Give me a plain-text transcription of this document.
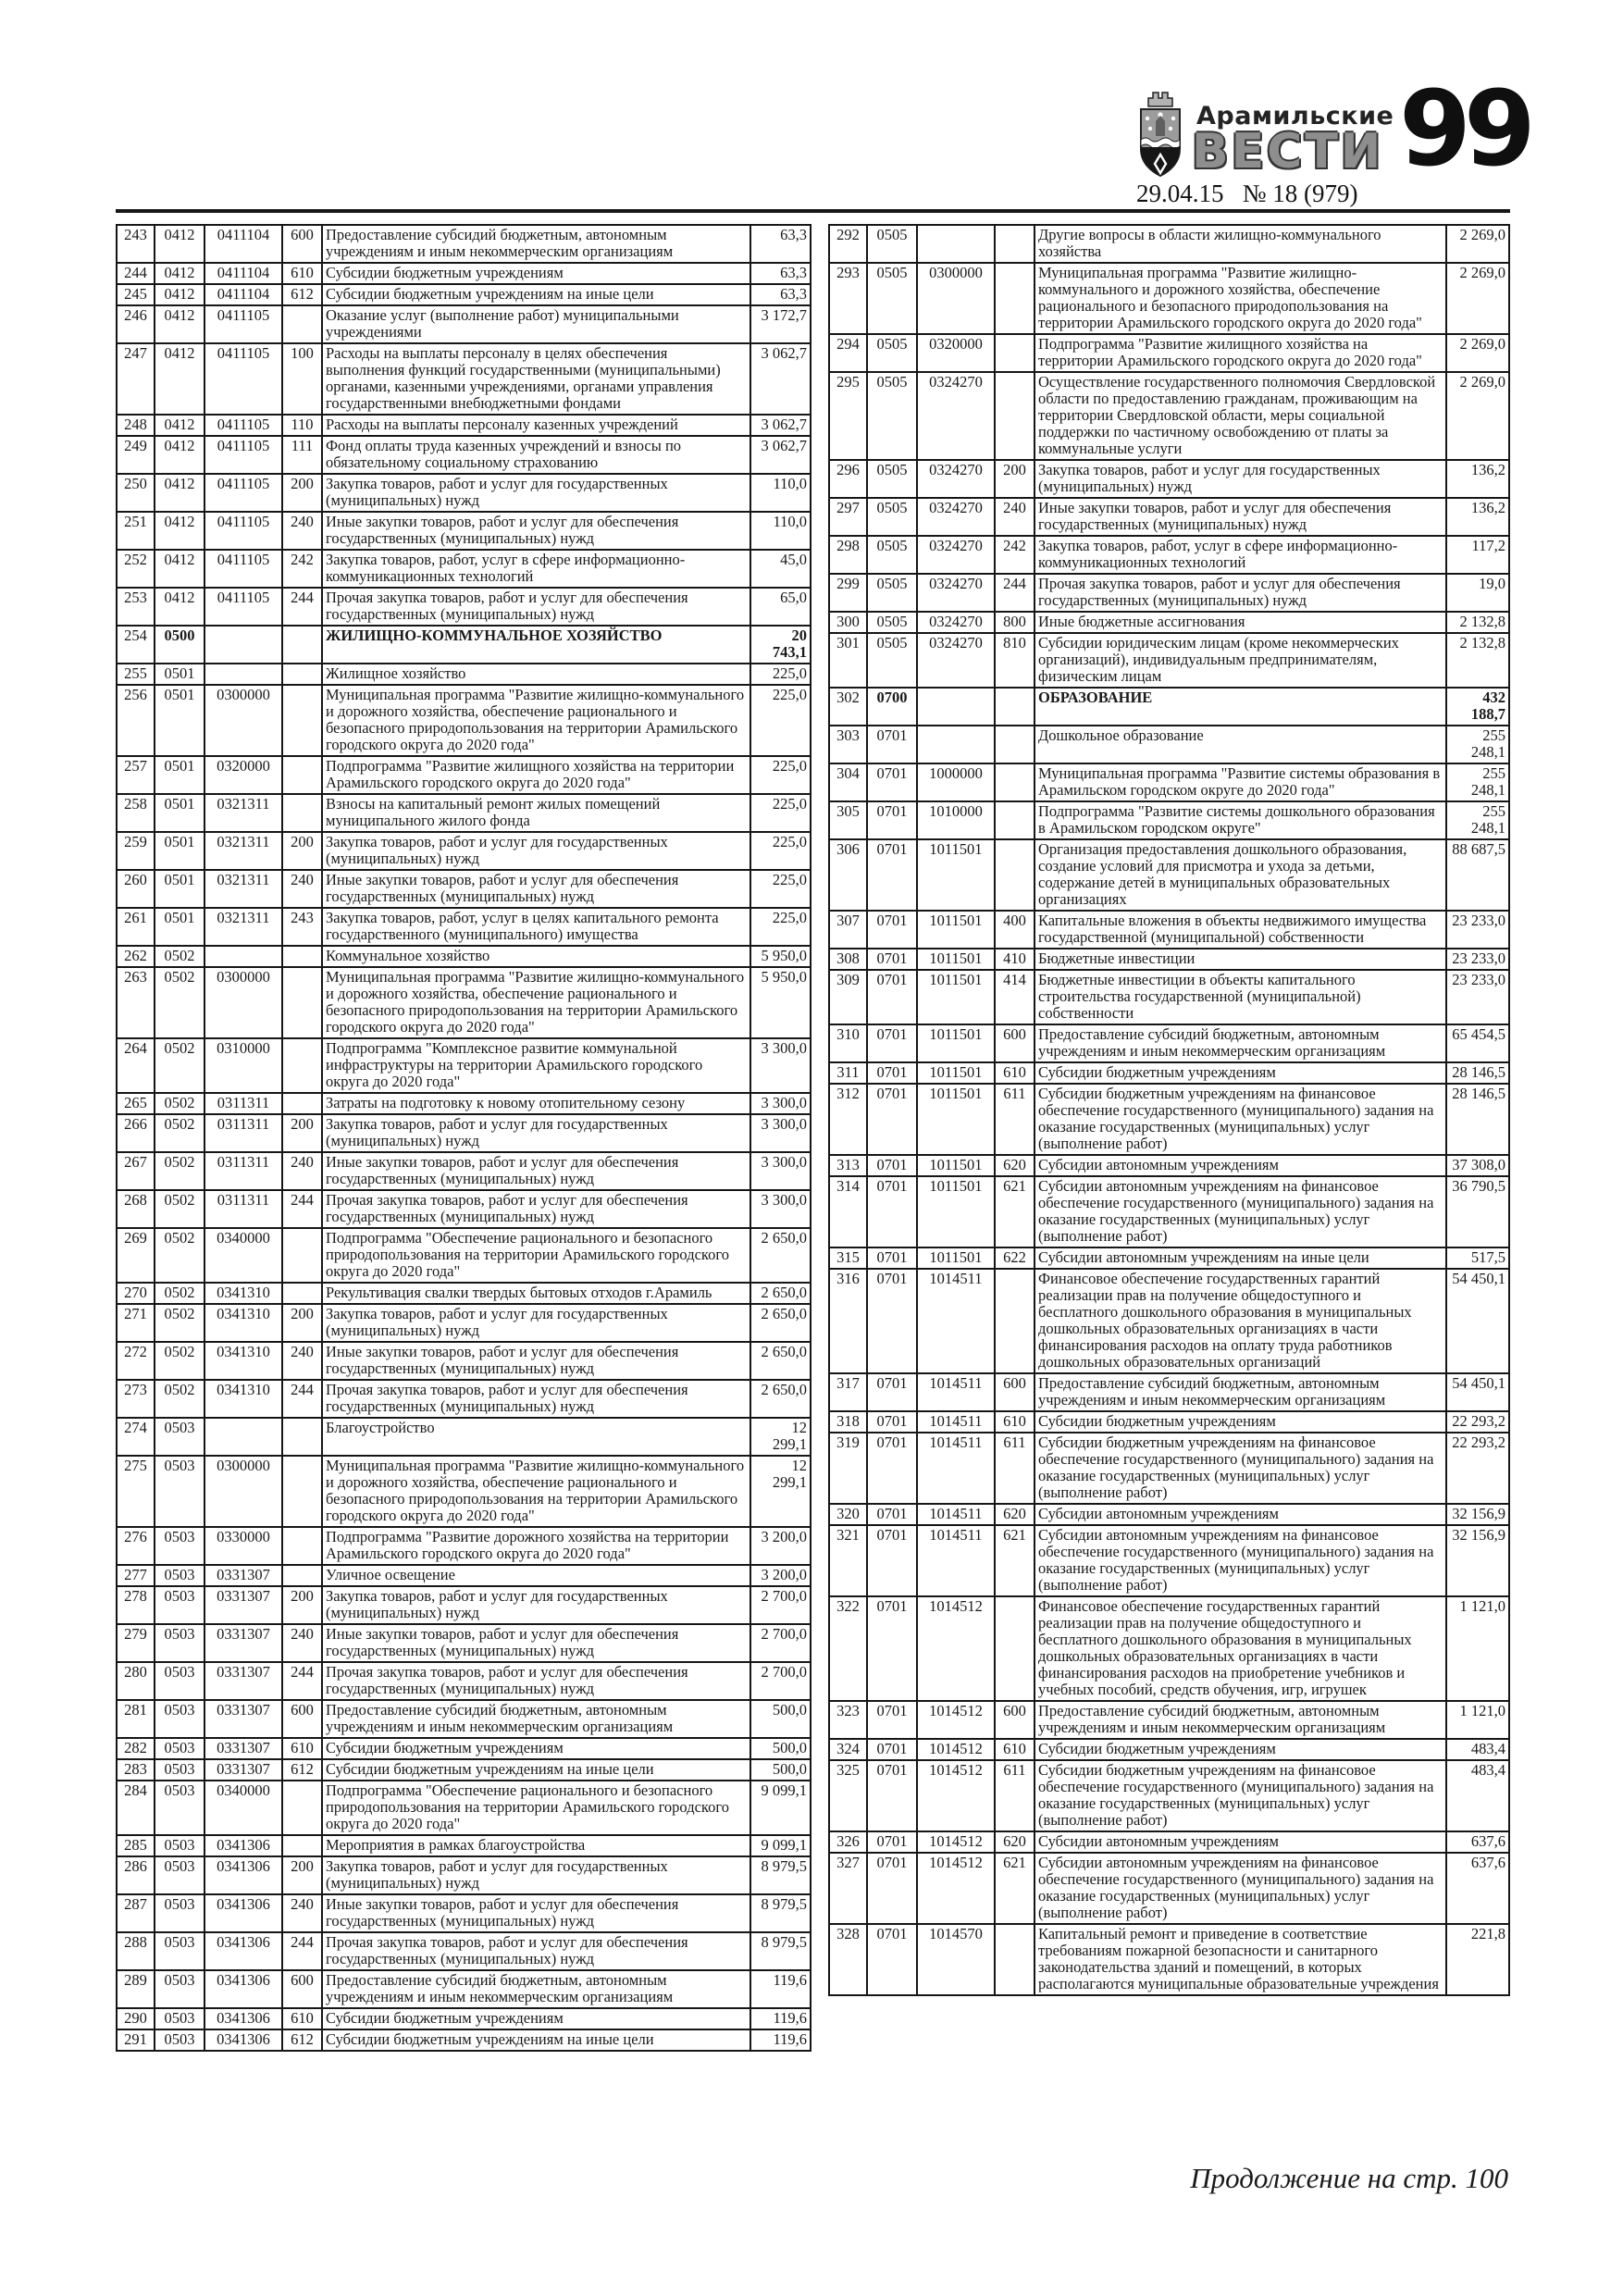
Арамильские
ВЕСТИ
29.04.15   № 18 (979)
99
243	0412	0411104	600	Предоставление субсидий бюджетным, автономным учреждениям и иным некоммерческим организациям	63,3
244	0412	0411104	610	Субсидии бюджетным учреждениям	63,3
245	0412	0411104	612	Субсидии бюджетным учреждениям на иные цели	63,3
246	0412	0411105		Оказание услуг (выполнение работ) муниципальными учреждениями	3 172,7
247	0412	0411105	100	Расходы на выплаты персоналу в целях обеспечения выполнения функций государственными (муниципальными) органами, казенными учреждениями, органами управления государственными внебюджетными фондами	3 062,7
248	0412	0411105	110	Расходы на выплаты персоналу казенных учреждений	3 062,7
249	0412	0411105	111	Фонд оплаты труда казенных учреждений и взносы по обязательному социальному страхованию	3 062,7
250	0412	0411105	200	Закупка товаров, работ и услуг для государственных (муниципальных) нужд	110,0
251	0412	0411105	240	Иные закупки товаров, работ и услуг для обеспечения государственных (муниципальных) нужд	110,0
252	0412	0411105	242	Закупка товаров, работ, услуг в сфере информационно-коммуникационных технологий	45,0
253	0412	0411105	244	Прочая закупка товаров, работ и услуг для обеспечения государственных (муниципальных) нужд	65,0
254	0500			ЖИЛИЩНО-КОММУНАЛЬНОЕ ХОЗЯЙСТВО	20 743,1
255	0501			Жилищное хозяйство	225,0
256	0501	0300000		Муниципальная программа "Развитие жилищно-коммунального и дорожного хозяйства, обеспечение рационального и безопасного природопользования на территории Арамильского городского округа до 2020 года"	225,0
257	0501	0320000		Подпрограмма "Развитие жилищного хозяйства на территории Арамильского городского округа до 2020 года"	225,0
258	0501	0321311		Взносы на капитальный ремонт жилых помещений муниципального жилого фонда	225,0
259	0501	0321311	200	Закупка товаров, работ и услуг для государственных (муниципальных) нужд	225,0
260	0501	0321311	240	Иные закупки товаров, работ и услуг для обеспечения государственных (муниципальных) нужд	225,0
261	0501	0321311	243	Закупка товаров, работ, услуг в целях капитального ремонта государственного (муниципального) имущества	225,0
262	0502			Коммунальное хозяйство	5 950,0
263	0502	0300000		Муниципальная программа "Развитие жилищно-коммунального и дорожного хозяйства, обеспечение рационального и безопасного природопользования на территории Арамильского городского округа до 2020 года"	5 950,0
264	0502	0310000		Подпрограмма "Комплексное развитие коммунальной инфраструктуры на территории Арамильского городского округа до 2020 года"	3 300,0
265	0502	0311311		Затраты на подготовку к новому отопительному сезону	3 300,0
266	0502	0311311	200	Закупка товаров, работ и услуг для государственных (муниципальных) нужд	3 300,0
267	0502	0311311	240	Иные закупки товаров, работ и услуг для обеспечения государственных (муниципальных) нужд	3 300,0
268	0502	0311311	244	Прочая закупка товаров, работ и услуг для обеспечения государственных (муниципальных) нужд	3 300,0
269	0502	0340000		Подпрограмма "Обеспечение рационального и безопасного природопользования на территории Арамильского городского округа до 2020 года"	2 650,0
270	0502	0341310		Рекультивация свалки твердых бытовых отходов г.Арамиль	2 650,0
271	0502	0341310	200	Закупка товаров, работ и услуг для государственных (муниципальных) нужд	2 650,0
272	0502	0341310	240	Иные закупки товаров, работ и услуг для обеспечения государственных (муниципальных) нужд	2 650,0
273	0502	0341310	244	Прочая закупка товаров, работ и услуг для обеспечения государственных (муниципальных) нужд	2 650,0
274	0503			Благоустройство	12 299,1
275	0503	0300000		Муниципальная программа "Развитие жилищно-коммунального и дорожного хозяйства, обеспечение рационального и безопасного природопользования на территории Арамильского городского округа до 2020 года"	12 299,1
276	0503	0330000		Подпрограмма "Развитие дорожного хозяйства на территории Арамильского городского округа до 2020 года"	3 200,0
277	0503	0331307		Уличное освещение	3 200,0
278	0503	0331307	200	Закупка товаров, работ и услуг для государственных (муниципальных) нужд	2 700,0
279	0503	0331307	240	Иные закупки товаров, работ и услуг для обеспечения государственных (муниципальных) нужд	2 700,0
280	0503	0331307	244	Прочая закупка товаров, работ и услуг для обеспечения государственных (муниципальных) нужд	2 700,0
281	0503	0331307	600	Предоставление субсидий бюджетным, автономным учреждениям и иным некоммерческим организациям	500,0
282	0503	0331307	610	Субсидии бюджетным учреждениям	500,0
283	0503	0331307	612	Субсидии бюджетным учреждениям на иные цели	500,0
284	0503	0340000		Подпрограмма "Обеспечение рационального и безопасного природопользования на территории Арамильского городского округа до 2020 года"	9 099,1
285	0503	0341306		Мероприятия в рамках благоустройства	9 099,1
286	0503	0341306	200	Закупка товаров, работ и услуг для государственных (муниципальных) нужд	8 979,5
287	0503	0341306	240	Иные закупки товаров, работ и услуг для обеспечения государственных (муниципальных) нужд	8 979,5
288	0503	0341306	244	Прочая закупка товаров, работ и услуг для обеспечения государственных (муниципальных) нужд	8 979,5
289	0503	0341306	600	Предоставление субсидий бюджетным, автономным учреждениям и иным некоммерческим организациям	119,6
290	0503	0341306	610	Субсидии бюджетным учреждениям	119,6
291	0503	0341306	612	Субсидии бюджетным учреждениям на иные цели	119,6
292	0505			Другие вопросы в области жилищно-коммунального хозяйства	2 269,0
293	0505	0300000		Муниципальная программа "Развитие жилищно-коммунального и дорожного хозяйства, обеспечение рационального и безопасного природопользования на территории Арамильского городского округа до 2020 года"	2 269,0
294	0505	0320000		Подпрограмма "Развитие жилищного хозяйства на территории Арамильского городского округа до 2020 года"	2 269,0
295	0505	0324270		Осуществление государственного полномочия Свердловской области по предоставлению гражданам, проживающим на территории Свердловской области, меры социальной поддержки по частичному освобождению от платы за коммунальные услуги	2 269,0
296	0505	0324270	200	Закупка товаров, работ и услуг для государственных (муниципальных) нужд	136,2
297	0505	0324270	240	Иные закупки товаров, работ и услуг для обеспечения государственных (муниципальных) нужд	136,2
298	0505	0324270	242	Закупка товаров, работ, услуг в сфере информационно-коммуникационных технологий	117,2
299	0505	0324270	244	Прочая закупка товаров, работ и услуг для обеспечения государственных (муниципальных) нужд	19,0
300	0505	0324270	800	Иные бюджетные ассигнования	2 132,8
301	0505	0324270	810	Субсидии юридическим лицам (кроме некоммерческих организаций), индивидуальным предпринимателям, физическим лицам	2 132,8
302	0700			ОБРАЗОВАНИЕ	432 188,7
303	0701			Дошкольное образование	255 248,1
304	0701	1000000		Муниципальная программа "Развитие системы образования в Арамильском городском округе до 2020 года"	255 248,1
305	0701	1010000		Подпрограмма "Развитие системы дошкольного образования в Арамильском городском округе"	255 248,1
306	0701	1011501		Организация предоставления дошкольного образования, создание условий для присмотра и ухода за детьми, содержание детей в муниципальных образовательных организациях	88 687,5
307	0701	1011501	400	Капитальные вложения в объекты недвижимого имущества государственной (муниципальной) собственности	23 233,0
308	0701	1011501	410	Бюджетные инвестиции	23 233,0
309	0701	1011501	414	Бюджетные инвестиции в объекты капитального строительства государственной (муниципальной) собственности	23 233,0
310	0701	1011501	600	Предоставление субсидий бюджетным, автономным учреждениям и иным некоммерческим организациям	65 454,5
311	0701	1011501	610	Субсидии бюджетным учреждениям	28 146,5
312	0701	1011501	611	Субсидии бюджетным учреждениям на финансовое обеспечение государственного (муниципального) задания на оказание государственных (муниципальных) услуг (выполнение работ)	28 146,5
313	0701	1011501	620	Субсидии автономным учреждениям	37 308,0
314	0701	1011501	621	Субсидии автономным учреждениям на финансовое обеспечение государственного (муниципального) задания на оказание государственных (муниципальных) услуг (выполнение работ)	36 790,5
315	0701	1011501	622	Субсидии автономным учреждениям на иные цели	517,5
316	0701	1014511		Финансовое обеспечение государственных гарантий реализации прав на получение общедоступного и бесплатного дошкольного образования в муниципальных дошкольных образовательных организациях в части финансирования расходов на оплату труда работников дошкольных образовательных организаций	54 450,1
317	0701	1014511	600	Предоставление субсидий бюджетным, автономным учреждениям и иным некоммерческим организациям	54 450,1
318	0701	1014511	610	Субсидии бюджетным учреждениям	22 293,2
319	0701	1014511	611	Субсидии бюджетным учреждениям на финансовое обеспечение государственного (муниципального) задания на оказание государственных (муниципальных) услуг (выполнение работ)	22 293,2
320	0701	1014511	620	Субсидии автономным учреждениям	32 156,9
321	0701	1014511	621	Субсидии автономным учреждениям на финансовое обеспечение государственного (муниципального) задания на оказание государственных (муниципальных) услуг (выполнение работ)	32 156,9
322	0701	1014512		Финансовое обеспечение государственных гарантий реализации прав на получение общедоступного и бесплатного дошкольного образования в муниципальных дошкольных образовательных организациях в части финансирования расходов на приобретение учебников и учебных пособий, средств обучения, игр, игрушек	1 121,0
323	0701	1014512	600	Предоставление субсидий бюджетным, автономным учреждениям и иным некоммерческим организациям	1 121,0
324	0701	1014512	610	Субсидии бюджетным учреждениям	483,4
325	0701	1014512	611	Субсидии бюджетным учреждениям на финансовое обеспечение государственного (муниципального) задания на оказание государственных (муниципальных) услуг (выполнение работ)	483,4
326	0701	1014512	620	Субсидии автономным учреждениям	637,6
327	0701	1014512	621	Субсидии автономным учреждениям на финансовое обеспечение государственного (муниципального) задания на оказание государственных (муниципальных) услуг (выполнение работ)	637,6
328	0701	1014570		Капитальный ремонт и приведение в соответствие требованиям пожарной безопасности и санитарного законодательства зданий и помещений, в которых располагаются муниципальные образовательные учреждения	221,8
Продолжение на стр. 100
